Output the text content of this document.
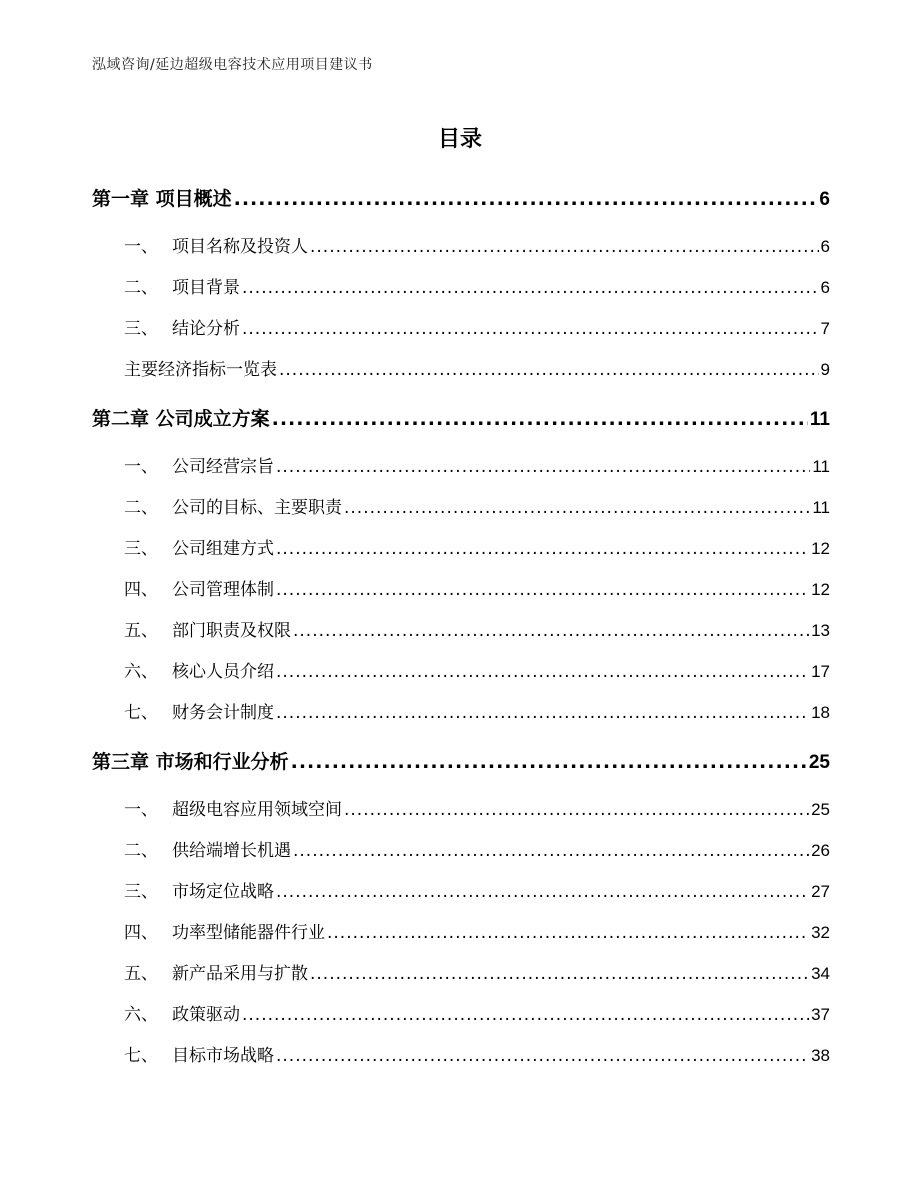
泓域咨询/延边超级电容技术应用项目建议书
目录
第一章 项目概述 .....	6
一、 项目名称及投资人 .....	6
二、 项目背景 .....	6
三、 结论分析 .....	7
主要经济指标一览表 .....	9
第二章 公司成立方案 .....	11
一、 公司经营宗旨 .....	11
二、 公司的目标、主要职责 .....	11
三、 公司组建方式 .....	12
四、 公司管理体制 .....	12
五、 部门职责及权限 .....	13
六、 核心人员介绍 .....	17
七、 财务会计制度 .....	18
第三章 市场和行业分析 .....	25
一、 超级电容应用领域空间 .....	25
二、 供给端增长机遇 .....	26
三、 市场定位战略 .....	27
四、 功率型储能器件行业 .....	32
五、 新产品采用与扩散 .....	34
六、 政策驱动 .....	37
七、 目标市场战略 .....	38
